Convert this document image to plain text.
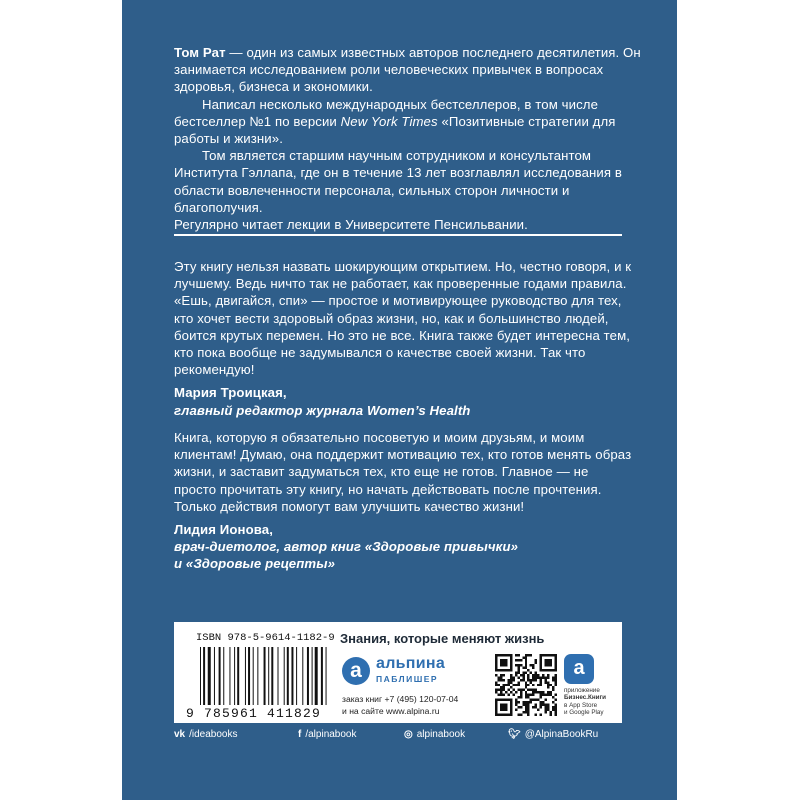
Том Рат — один из самых известных авторов последнего десятилетия. Он занимается исследованием роли человеческих привычек в вопросах здоровья, бизнеса и экономики.

Написал несколько международных бестселлеров, в том числе бестселлер №1 по версии New York Times «Позитивные стратегии для работы и жизни».

Том является старшим научным сотрудником и консультантом Института Гэллапа, где он в течение 13 лет возглавлял исследования в области вовлеченности персонала, сильных сторон личности и благополучия.

Регулярно читает лекции в Университете Пенсильвании.

Эту книгу нельзя назвать шокирующим открытием. Но, честно говоря, и к лучшему. Ведь ничто так не работает, как проверенные годами правила. «Ешь, двигайся, спи» — простое и мотивирующее руководство для тех, кто хочет вести здоровый образ жизни, но, как и большинство людей, боится крутых перемен. Но это не все. Книга также будет интересна тем, кто пока вообще не задумывался о качестве своей жизни. Так что рекомендую!

Мария Троицкая,
главный редактор журнала Women’s Health

Книга, которую я обязательно посоветую и моим друзьям, и моим клиентам! Думаю, она поддержит мотивацию тех, кто готов менять образ жизни, и заставит задуматься тех, кто еще не готов. Главное — не просто прочитать эту книгу, но начать действовать после прочтения. Только действия помогут вам улучшить качество жизни!

Лидия Ионова,
врач-диетолог, автор книг «Здоровые привычки»
и «Здоровые рецепты»

ISBN 978-5-9614-1182-9
9 785961 411829
Знания, которые меняют жизнь
а альпина
ПАБЛИШЕР

заказ книг +7 (495) 120-07-04

и на сайте www.alpina.ru

a
приложение
Бизнес.Книги
в App Store
и Google Play
vk /ideabooks	f /alpinabook	◎ alpinabook	🐦︎ @AlpinaBookRu
